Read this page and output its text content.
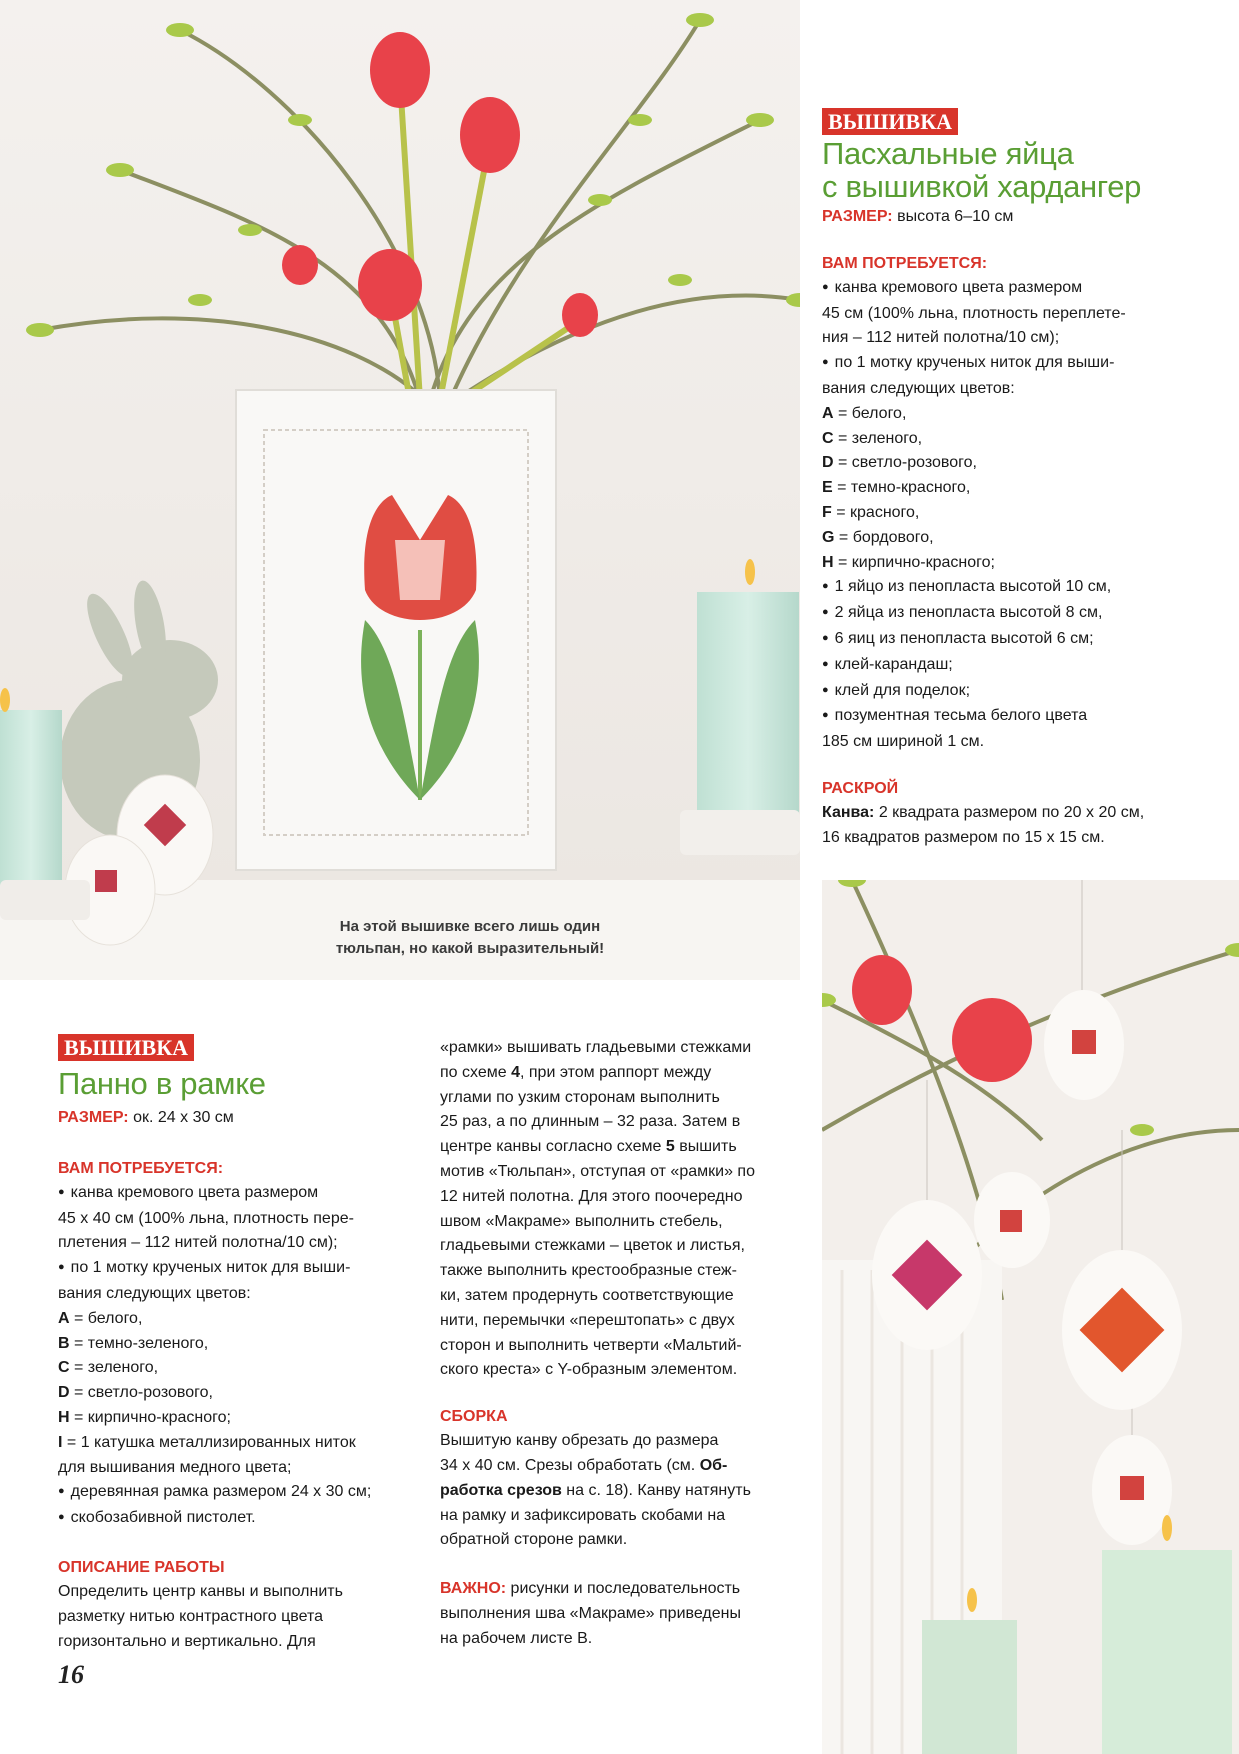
На этой вышивке всего лишь один
тюльпан, но какой выразительный!
ВЫШИВКА
Пасхальные яйца
с вышивкой хардангер
РАЗМЕР: высота 6–10 см
ВАМ ПОТРЕБУЕТСЯ:

● канва кремового цвета размером

45 см (100% льна, плотность переплете-

ния – 112 нитей полотна/10 см);

● по 1 мотку крученых ниток для выши-

вания следующих цветов:

A = белого,

C = зеленого,

D = светло-розового,

E = темно-красного,

F = красного,

G = бордового,

H = кирпично-красного;

● 1 яйцо из пенопласта высотой 10 см,

● 2 яйца из пенопласта высотой 8 см,

● 6 яиц из пенопласта высотой 6 см;

● клей-карандаш;

● клей для поделок;

● позументная тесьма белого цвета

185 см шириной 1 см.

РАСКРОЙ

Канва: 2 квадрата размером по 20 х 20 см,

16 квадратов размером по 15 х 15 см.

ВЫШИВКА
Панно в рамке
РАЗМЕР: ок. 24 х 30 см
ВАМ ПОТРЕБУЕТСЯ:

● канва кремового цвета размером

45 х 40 см (100% льна, плотность пере-

плетения – 112 нитей полотна/10 см);

● по 1 мотку крученых ниток для выши-

вания следующих цветов:

A = белого,

B = темно-зеленого,

C = зеленого,

D = светло-розового,

H = кирпично-красного;

I = 1 катушка металлизированных ниток

для вышивания медного цвета;

● деревянная рамка размером 24 х 30 см;

● скобозабивной пистолет.

ОПИСАНИЕ РАБОТЫ

Определить центр канвы и выполнить

разметку нитью контрастного цвета

горизонтально и вертикально. Для

«рамки» вышивать гладьевыми стежками

по схеме 4, при этом раппорт между

углами по узким сторонам выполнить

25 раз, а по длинным – 32 раза. Затем в

центре канвы согласно схеме 5 вышить

мотив «Тюльпан», отступая от «рамки» по

12 нитей полотна. Для этого поочередно

швом «Макраме» выполнить стебель,

гладьевыми стежками – цветок и листья,

также выполнить крестообразные стеж-

ки, затем продернуть соответствующие

нити, перемычки «перештопать» с двух

сторон и выполнить четверти «Мальтий-

ского креста» с Y-образным элементом.

СБОРКА

Вышитую канву обрезать до размера

34 х 40 см. Срезы обработать (см. Об-

работка срезов на с. 18). Канву натянуть

на рамку и зафиксировать скобами на

обратной стороне рамки.

ВАЖНО: рисунки и последовательность

выполнения шва «Макраме» приведены

на рабочем листе B.

16
